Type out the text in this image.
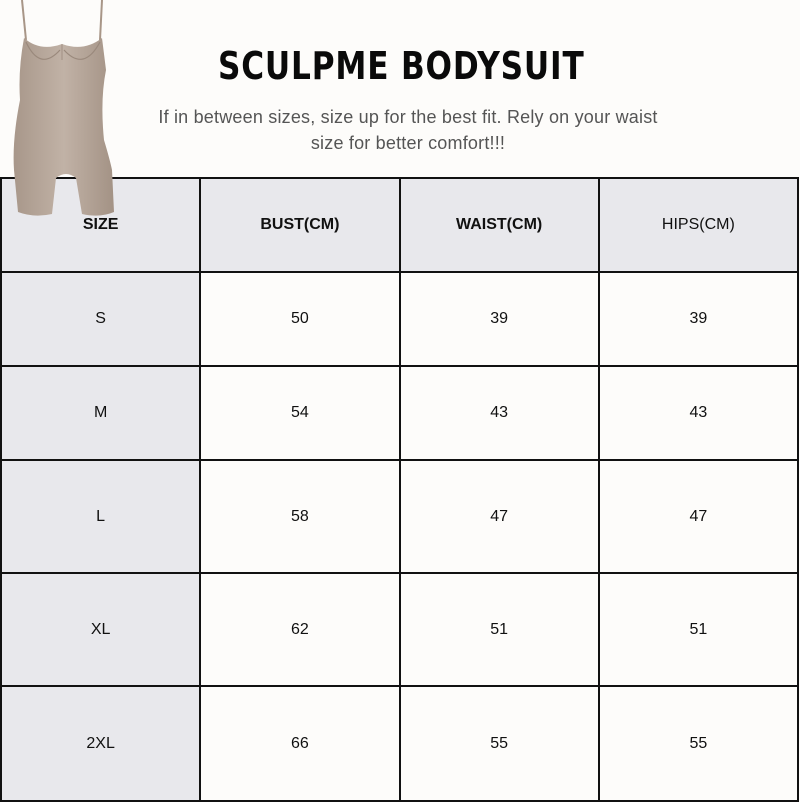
SCULPME BODYSUIT

If in between sizes, size up for the best fit. Rely on your waist size for better comfort!!!

SIZE	BUST(CM)	WAIST(CM)	HIPS(CM)
S	50	39	39
M	54	43	43
L	58	47	47
XL	62	51	51
2XL	66	55	55
